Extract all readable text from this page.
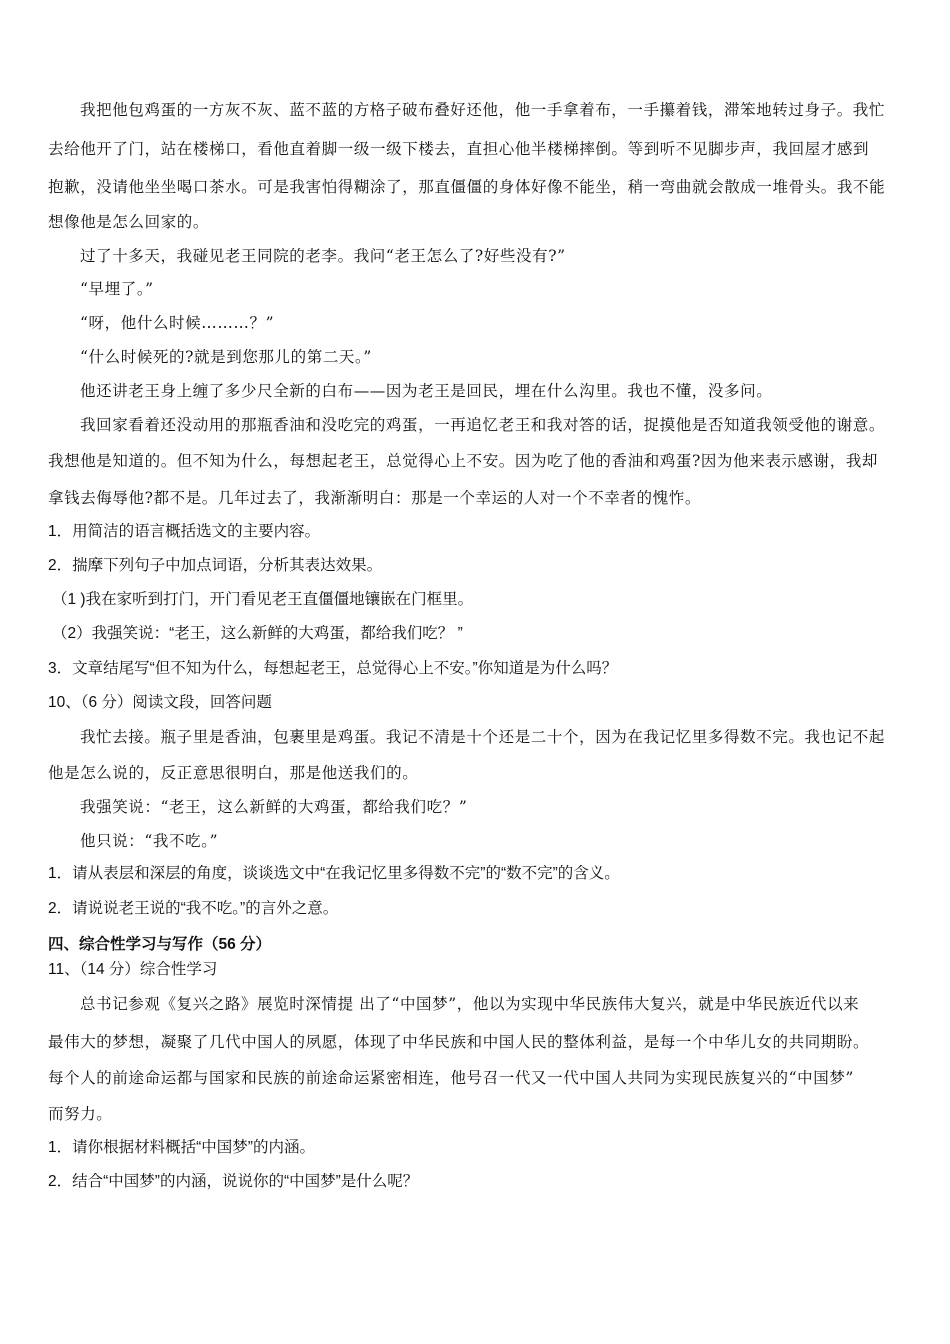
我把他包鸡蛋的一方灰不灰、蓝不蓝的方格子破布叠好还他，他一手拿着布，一手攥着钱，滞笨地转过身子。我忙
去给他开了门，站在楼梯口，看他直着脚一级一级下楼去，直担心他半楼梯摔倒。等到听不见脚步声，我回屋才感到
抱歉，没请他坐坐喝口茶水。可是我害怕得糊涂了，那直僵僵的身体好像不能坐，稍一弯曲就会散成一堆骨头。我不能
想像他是怎么回家的。
过了十多天，我碰见老王同院的老李。我问“老王怎么了?好些没有?”
“早埋了。”
“呀，他什么时候………？”
“什么时候死的?就是到您那儿的第二天。”
他还讲老王身上缠了多少尺全新的白布——因为老王是回民，埋在什么沟里。我也不懂，没多问。
我回家看着还没动用的那瓶香油和没吃完的鸡蛋，一再追忆老王和我对答的话，捉摸他是否知道我领受他的谢意。
我想他是知道的。但不知为什么，每想起老王，总觉得心上不安。因为吃了他的香油和鸡蛋?因为他来表示感谢，我却
拿钱去侮辱他?都不是。几年过去了，我渐渐明白：那是一个幸运的人对一个不幸者的愧怍。
1．用简洁的语言概括选文的主要内容。
2．揣摩下列句子中加点词语，分析其表达效果。
（1 )我在家听到打门，开门看见老王直僵僵地镶嵌在门框里。
（2）我强笑说：“老王，这么新鲜的大鸡蛋，都给我们吃？ ”
3．文章结尾写“但不知为什么，每想起老王，总觉得心上不安。”你知道是为什么吗？
10、（6 分）阅读文段，回答问题
我忙去接。瓶子里是香油，包裹里是鸡蛋。我记不清是十个还是二十个，因为在我记忆里多得数不完。我也记不起
他是怎么说的，反正意思很明白，那是他送我们的。
我强笑说：“老王，这么新鲜的大鸡蛋，都给我们吃？”
他只说：“我不吃。”
1．请从表层和深层的角度，谈谈选文中“在我记忆里多得数不完”的“数不完”的含义。
2．请说说老王说的“我不吃。”的言外之意。
四、综合性学习与写作（56 分）
11、（14 分）综合性学习
总书记参观《复兴之路》展览时深情提 出了“中国梦”，他以为实现中华民族伟大复兴，就是中华民族近代以来
最伟大的梦想，凝聚了几代中国人的夙愿，体现了中华民族和中国人民的整体利益，是每一个中华儿女的共同期盼。
每个人的前途命运都与国家和民族的前途命运紧密相连，他号召一代又一代中国人共同为实现民族复兴的“中国梦”
而努力。
1．请你根据材料概括“中国梦”的内涵。
2．结合“中国梦”的内涵，说说你的“中国梦”是什么呢？
